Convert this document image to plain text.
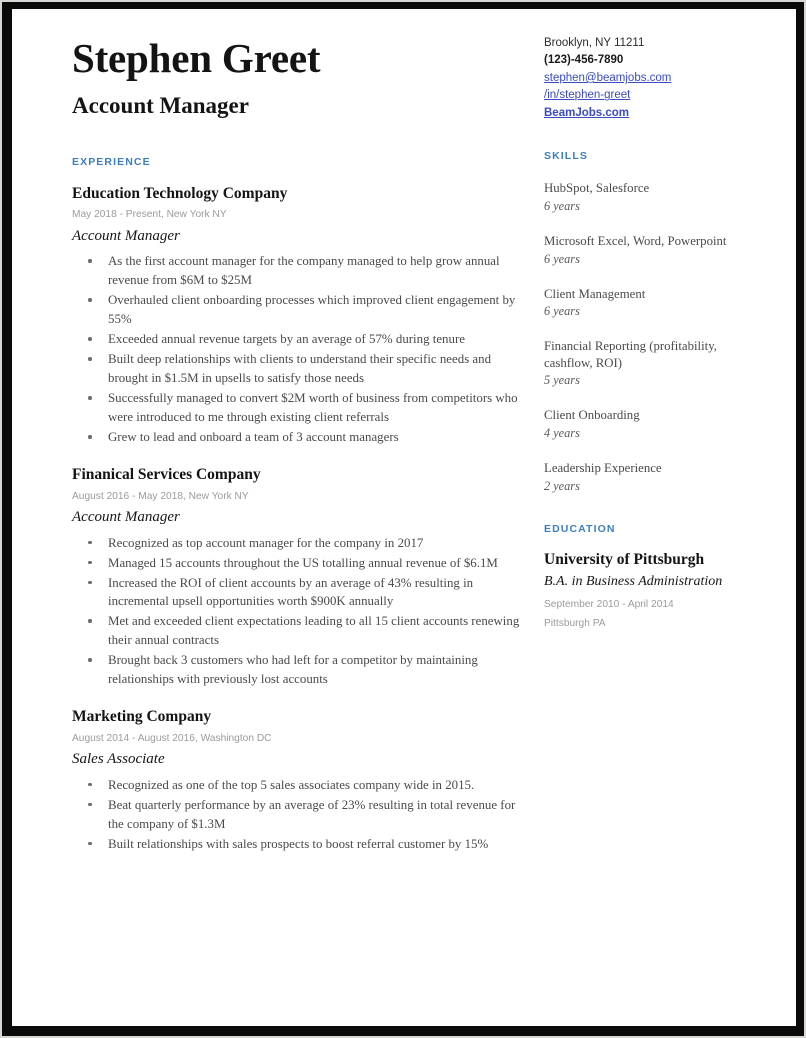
Stephen Greet
Account Manager
EXPERIENCE
Education Technology Company
May 2018 - Present, New York NY
Account Manager
As the first account manager for the company managed to help grow annual revenue from $6M to $25M
Overhauled client onboarding processes which improved client engagement by 55%
Exceeded annual revenue targets by an average of 57% during tenure
Built deep relationships with clients to understand their specific needs and brought in $1.5M in upsells to satisfy those needs
Successfully managed to convert $2M worth of business from competitors who were introduced to me through existing client referrals
Grew to lead and onboard a team of 3 account managers
Finanical Services Company
August 2016 - May 2018, New York NY
Account Manager
Recognized as top account manager for the company in 2017
Managed 15 accounts throughout the US totalling annual revenue of $6.1M
Increased the ROI of client accounts by an average of 43% resulting in incremental upsell opportunities worth $900K annually
Met and exceeded client expectations leading to all 15 client accounts renewing their annual contracts
Brought back 3 customers who had left for a competitor by maintaining relationships with previously lost accounts
Marketing Company
August 2014 - August 2016, Washington DC
Sales Associate
Recognized as one of the top 5 sales associates company wide in 2015.
Beat quarterly performance by an average of 23% resulting in total revenue for the company of $1.3M
Built relationships with sales prospects to boost referral customer by 15%
Brooklyn, NY 11211
(123)-456-7890
stephen@beamjobs.com
/in/stephen-greet
BeamJobs.com
SKILLS
HubSpot, Salesforce
6 years
Microsoft Excel, Word, Powerpoint
6 years
Client Management
6 years
Financial Reporting (profitability, cashflow, ROI)
5 years
Client Onboarding
4 years
Leadership Experience
2 years
EDUCATION
University of Pittsburgh
B.A. in Business Administration
September 2010 - April 2014
Pittsburgh PA
